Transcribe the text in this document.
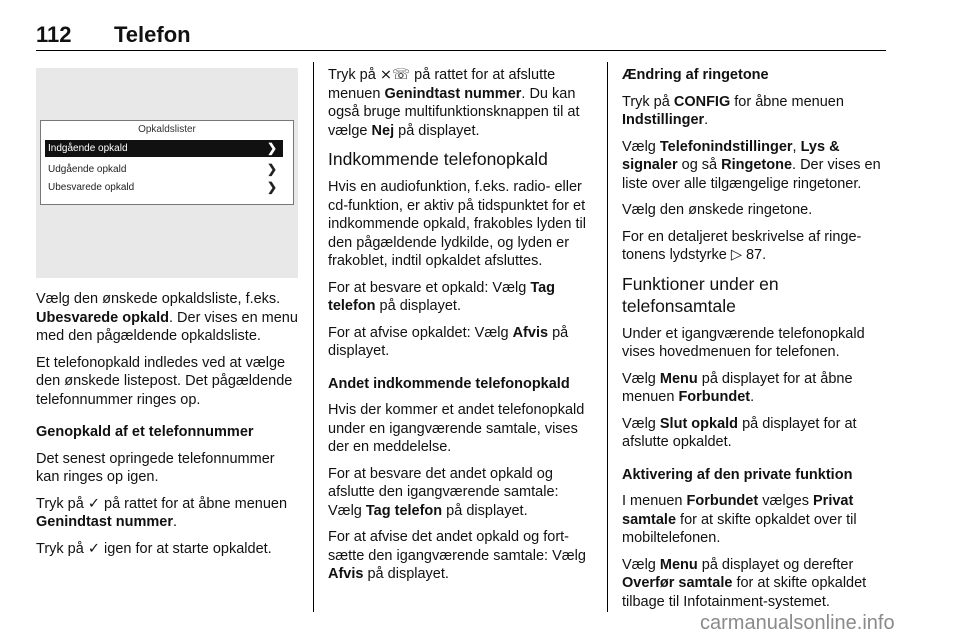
112 Telefon
Opkaldslister
Indgående opkald	❯
Udgående opkald	❯
Ubesvarede opkald	❯

Vælg den ønskede opkaldsliste, f.eks. Ubesvarede opkald. Der vises en menu med den pågældende opkaldsliste.

Et telefonopkald indledes ved at vælge den ønskede listepost. Det pågældende telefonnummer ringes op.

Genopkald af et telefonnummer

Det senest opringede telefonnummer kan ringes op igen.

Tryk på ✓ på rattet for at åbne menuen Genindtast nummer.

Tryk på ✓ igen for at starte opkaldet.

Tryk på ⨯☏ på rattet for at afslutte menuen Genindtast nummer. Du kan også bruge multifunktionsknappen til at vælge Nej på displayet.

Indkommende telefonopkald

Hvis en audiofunktion, f.eks. radio- eller cd-funktion, er aktiv på tidspunktet for et indkommende opkald, frakobles lyden til den pågældende lydkilde, og lyden er frakoblet, indtil opkaldet afsluttes.

For at besvare et opkald: Vælg Tag telefon på displayet.

For at afvise opkaldet: Vælg Afvis på displayet.

Andet indkommende telefonopkald

Hvis der kommer et andet telefonopkald under en igangværende samtale, vises der en meddelelse.

For at besvare det andet opkald og afslutte den igangværende samtale: Vælg Tag telefon på displayet.

For at afvise det andet opkald og fortsætte den igangværende samtale: Vælg Afvis på displayet.

Ændring af ringetone

Tryk på CONFIG for åbne menuen Indstillinger.

Vælg Telefonindstillinger, Lys & signaler og så Ringetone. Der vises en liste over alle tilgængelige ringetoner.

Vælg den ønskede ringetone.

For en detaljeret beskrivelse af ringetonens lydstyrke ▷ 87.

Funktioner under en telefonsamtale

Under et igangværende telefonopkald vises hovedmenuen for telefonen.

Vælg Menu på displayet for at åbne menuen Forbundet.

Vælg Slut opkald på displayet for at afslutte opkaldet.

Aktivering af den private funktion

I menuen Forbundet vælges Privat samtale for at skifte opkaldet over til mobiltelefonen.

Vælg Menu på displayet og derefter Overfør samtale for at skifte opkaldet tilbage til Infotainment-systemet.

carmanualsonline.info
